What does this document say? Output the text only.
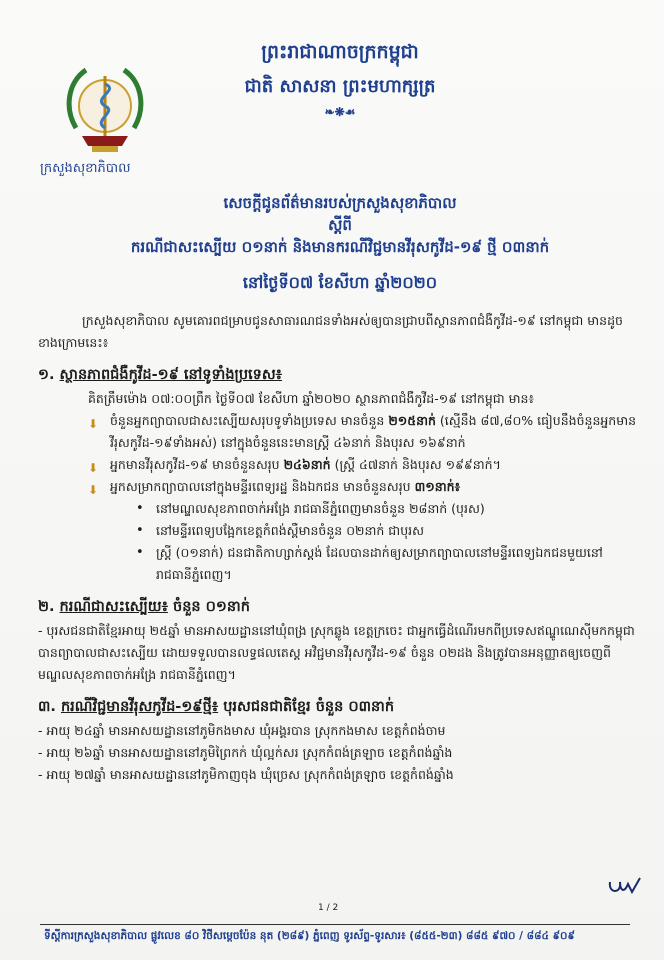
ក្រសួងសុខាភិបាល
ព្រះរាជាណាចក្រកម្ពុជា
ជាតិ សាសនា ព្រះមហាក្សត្រ
❧❋☙
សេចក្តីជូនព័ត៌មានរបស់ក្រសួងសុខាភិបាល
ស្តីពី
ករណីជាសះស្បើយ ០១នាក់ និងមានករណីវិជ្ជមានវីរុសកូវីដ-១៩ ថ្មី ០៣នាក់
នៅថ្ងៃទី០៧ ខែសីហា ឆ្នាំ២០២០
ក្រសួងសុខាភិបាល សូមគោរពជម្រាបជូនសាធារណជនទាំងអស់ឲ្យបានជ្រាបពីស្ថានភាពជំងឺកូវីដ-១៩ នៅកម្ពុជា មានដូចខាងក្រោមនេះ៖
១. ស្ថានភាពជំងឺកូវីដ-១៩ នៅទូទាំងប្រទេស៖
គិតត្រឹមម៉ោង ០៧:០០ព្រឹក ថ្ងៃទី០៧ ខែសីហា ឆ្នាំ២០២០ ស្ថានភាពជំងឺកូវីដ-១៩ នៅកម្ពុជា មាន៖
⬇ ចំនួនអ្នកព្យាបាលជាសះស្បើយសរុបទូទាំងប្រទេស មានចំនួន ២១៥នាក់ (ស្មើនឹង ៨៧,៨០% ធៀបនឹងចំនួនអ្នកមានវីរុសកូវីដ-១៩ទាំងអស់) នៅក្នុងចំនួននេះមានស្ត្រី ៤៦នាក់ និងបុរស ១៦៩នាក់
⬇ អ្នកមានវីរុសកូវីដ-១៩ មានចំនួនសរុប ២៤៦នាក់ (ស្ត្រី ៤៧នាក់ និងបុរស ១៩៩នាក់។
⬇ អ្នកសម្រាកព្យាបាលនៅក្នុងមន្ទីរពេទ្យរដ្ឋ និងឯកជន មានចំនួនសរុប ៣១នាក់៖
• នៅមណ្ឌលសុខភាពចាក់អង្រែ រាជធានីភ្នំពេញមានចំនួន ២៨នាក់ (បុរស)
• នៅមន្ទីរពេទ្យបង្អែកខេត្តកំពង់ស្ពឺមានចំនួន ០២នាក់ ជាបុរស
• ស្ត្រី (០១នាក់) ជនជាតិកាហ្សាក់ស្តង់ ដែលបានដាក់ឲ្យសម្រាកព្យាបាលនៅមន្ទីរពេទ្យឯកជនមួយនៅរាជធានីភ្នំពេញ។
២. ករណីជាសះស្បើយ៖ ចំនួន ០១នាក់
- បុរសជនជាតិខ្មែរអាយុ ២៥ឆ្នាំ មានអាសយដ្ឋាននៅឃុំពង្រ ស្រុកឆ្លូង ខេត្តក្រចេះ ជាអ្នកធ្វើដំណើរមកពីប្រទេសឥណ្ឌូណេស៊ីមកកម្ពុជា បានព្យាបាលជាសះស្បើយ ដោយទទួលបានលទ្ធផលតេស្ត អវិជ្ជមានវីរុសកូវីដ-១៩ ចំនួន ០២ដង និងត្រូវបានអនុញ្ញាតឲ្យចេញពីមណ្ឌលសុខភាពចាក់អង្រែ រាជធានីភ្នំពេញ។
៣. ករណីវិជ្ជមានវីរុសកូវីដ-១៩ថ្មី៖ បុរសជនជាតិខ្មែរ ចំនួន ០៣នាក់
- អាយុ ២៤ឆ្នាំ មានអាសយដ្ឋាននៅភូមិកងមាស ឃុំអង្គរបាន ស្រុកកងមាស ខេត្តកំពង់ចាម
- អាយុ ២៦ឆ្នាំ មានអាសយដ្ឋាននៅភូមិព្រៃកក់ ឃុំល្អក់សរ ស្រុកកំពង់ត្រឡាច ខេត្តកំពង់ឆ្នាំង
- អាយុ ២៧ឆ្នាំ មានអាសយដ្ឋាននៅភូមិកាញចុង ឃុំច្រេស ស្រុកកំពង់ត្រឡាច ខេត្តកំពង់ឆ្នាំង
1 / 2
ទីស្តីការក្រសួងសុខាភិបាល ផ្លូវលេខ ៨០ វិថីសម្តេចប៉ែន នុត (២៨៩) ភ្នំពេញ ទូរស័ព្ទ-ទូរសារ៖ (៨៥៥-២៣) ៨៨៥ ៩៧០ / ៨៨៤ ៩០៩
